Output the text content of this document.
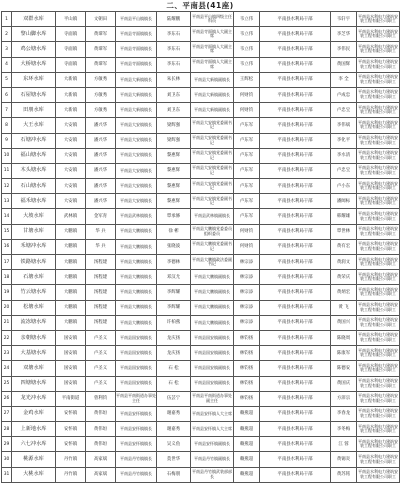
二、平南县(41座)
1	双群水库	平山镇	文朝田	平南县平山镇镇长	陆耀鹏	平南县平山镇四级主任科员	韦立伟	平南县水利局干部	韦轩宇	平南县水利电力建筑安装工程有限公司职工
2	黎山脚水库	寺面镇	黄谭军	平南县寺面镇镇长	李东石	平南县寺面镇人大副主席	韦立伟	平南县水利局干部	李芝华	平南县水利电力建筑安装工程有限公司职工
3	鸡公塘水库	寺面镇	黄谭军	平南县寺面镇镇长	李东石	平南县寺面镇人大副主席	韦立伟	平南县水利局干部	李伟民	平南县水利电力建筑安装工程有限公司职工
4	大桥塘水库	寺面镇	黄谭军	平南县寺面镇镇长	李东石	平南县寺面镇人大副主席	韦立伟	平南县水利局干部	黄国辉	平南县水利电力建筑安装工程有限公司职工
5	东环水库	大新镇	方敏秀	平南县大新镇镇长	朱长林	平南县大新镇副镇长	王辉松	平南县水利局干部	李 全	平南县水利电力建筑安装工程有限公司职工
6	石屋塘水库	大新镇	方敏秀	平南县大新镇镇长	刘卫东	平南县大新镇副镇长	何财钧	平南县水利局干部	卢成忠	平南县水利电力建筑安装工程有限公司职工
7	田朋水库	大新镇	方敏秀	平南县大新镇镇长	刘卫东	平南县大新镇副镇长	何财钧	平南县水利局干部	卢忠宝	平南县水利电力建筑安装工程有限公司职工
8	大王水库	大安镇	潘兴华	平南县大安镇镇长	梁辉强	平南县大安镇党委副书记	卢东军	平南县水利局干部	李伟斌	平南县水利电力建筑安装工程有限公司职工
9	石塘冲水库	大安镇	潘兴华	平南县大安镇镇长	梁辉强	平南县大安镇党委副书记	卢东军	平南县水利局干部	李化平	平南县水利电力建筑安装工程有限公司职工
10	福山塘水库	大安镇	潘兴华	平南县大安镇镇长	黎惠辉	平南县大安镇党委副书记	卢东军	平南县水利局干部	李水清	平南县水利电力建筑安装工程有限公司职工
11	木头塘水库	大安镇	潘兴华	平南县大安镇镇长	黎惠辉	平南县大安镇党委副书记	卢东军	平南县水利局干部	卢忠宝	平南县水利电力建筑安装工程有限公司职工
12	石山塘水库	大安镇	潘兴华	平南县大安镇镇长	黎惠辉	平南县大安镇党委副书记	卢东军	平南县水利局干部	卢小东	平南县水利电力建筑安装工程有限公司职工
13	福禾塘水库	大安镇	潘兴华	平南县大安镇镇长	黎惠辉	平南县大安镇党委副书记	卢东军	平南县水利局干部	潘阔标	平南县水利电力建筑安装工程有限公司职工
14	大坡水库	武林镇	金军育	平南县武林镇镇长	覃承修	平南县武林镇副镇长	卢东军	平南县水利局干部	韩耀雄	平南县水利电力建筑安装工程有限公司职工
15	甘塘水库	大鹏镇	华 兵	平南县大鹏镇镇长	徐 彬	平南县大鹏镇党委委员组织委员	何财钧	平南县水利局干部	覃世林	平南县水利电力建筑安装工程有限公司职工
16	禾塘冲水库	大鹏镇	华 兵	平南县大鹏镇镇长	张晓波	平南县大鹏镇党委副书记	何财钧	平南县水利局干部	黄有宏	平南县水利电力建筑安装工程有限公司职工
17	铁路塘水库	大鹏镇	汤程建	平南县大鹏镇镇长	李德林	平南县大鹏镇政法委副书记	林宗添	平南县水利局干部	黄润文	平南县水利电力建筑安装工程有限公司职工
18	石塘水库	大鹏镇	汤程建	平南县大鹏镇镇长	邓汉尤	平南县大鹏镇副镇长	林宗添	平南县水利局干部	黄荣庆	平南县水利电力建筑安装工程有限公司职工
19	竹云塘水库	大鹏镇	汤程建	平南县大鹏镇镇长	李辉耀	平南县大鹏镇副镇长	林宗添	平南县水利局干部	黄炳宏	平南县水利电力建筑安装工程有限公司职工
20	松塘水库	大鹏镇	汤程建	平南县大鹏镇镇长	李辉耀	平南县大鹏镇副镇长	林宗添	平南县水利局干部	黄 飞	平南县水利电力建筑安装工程有限公司职工
21	流冻塘水库	大鹏镇	汤程建	平南县大鹏镇镇长	许柏燕	平南县大鹏镇副镇长	林宗添	平南县水利局干部	黄国兴	平南县水利电力建筑安装工程有限公司职工
22	亲朝塘水库	国安镇	卢圣义	平南县国安镇镇长	龙庆扬	平南县国安镇副镇长	林钧扬	平南县水利局干部	陈晓周	平南县水利电力建筑安装工程有限公司职工
23	大基塘水库	国安镇	卢圣义	平南县国安镇镇长	龙庆扬	平南县国安镇副镇长	林钧扬	平南县水利局干部	陈康军	平南县水利电力建筑安装工程有限公司职工
24	双塘水库	国安镇	卢圣义	平南县国安镇镇长	石 松	平南县国安镇副镇长	林钧扬	平南县水利局干部	陈德安	平南县水利电力建筑安装工程有限公司职工
25	四塘塘水库	国安镇	卢圣义	平南县国安镇镇长	石 松	平南县国安镇副镇长	林钧扬	平南县水利局干部	黄国庆	平南县水利电力建筑安装工程有限公司职工
26	龙光冲水库	平南街道	曾利钧	平南县平南街道办事处主任	伍芸宁	平南县平南街道办事处副主任	林钧扬	平南县水利局干部	方沛宗	平南县水利电力建筑安装工程有限公司职工
27	金鸡水库	安怀镇	黄伟垣	平南县安怀镇镇长	谢嘉秀	平南县安怀镇人大主席	赖燕超	平南县水利局干部	李春龙	平南县水利电力建筑安装工程有限公司职工
28	上新地水库	安怀镇	黄伟垣	平南县安怀镇镇长	谢嘉秀	平南县安怀镇人大主席	赖燕超	平南县水利局干部	李冬梅	平南县水利电力建筑安装工程有限公司职工
29	六七冲水库	安怀镇	黄伟垣	平南县安怀镇镇长	吴义鱼	平南县安怀镇副镇长	赖燕超	平南县水利局干部	江 蓉	平南县水利电力建筑安装工程有限公司职工
30	桃源水库	丹竹镇	高家斌	平南县丹竹镇镇长	莫世华	平南县丹竹镇副镇长	赖燕超	平南县水利局干部	黄锡炎	平南县水利电力建筑安装工程有限公司职工
31	大桃水库	丹竹镇	高家斌	平南县丹竹镇镇长	石梅朋	平南县丹竹镇武装部部长	赖燕超	平南县水利局干部	黄苏铭	平南县水利电力建筑安装工程有限公司职工
